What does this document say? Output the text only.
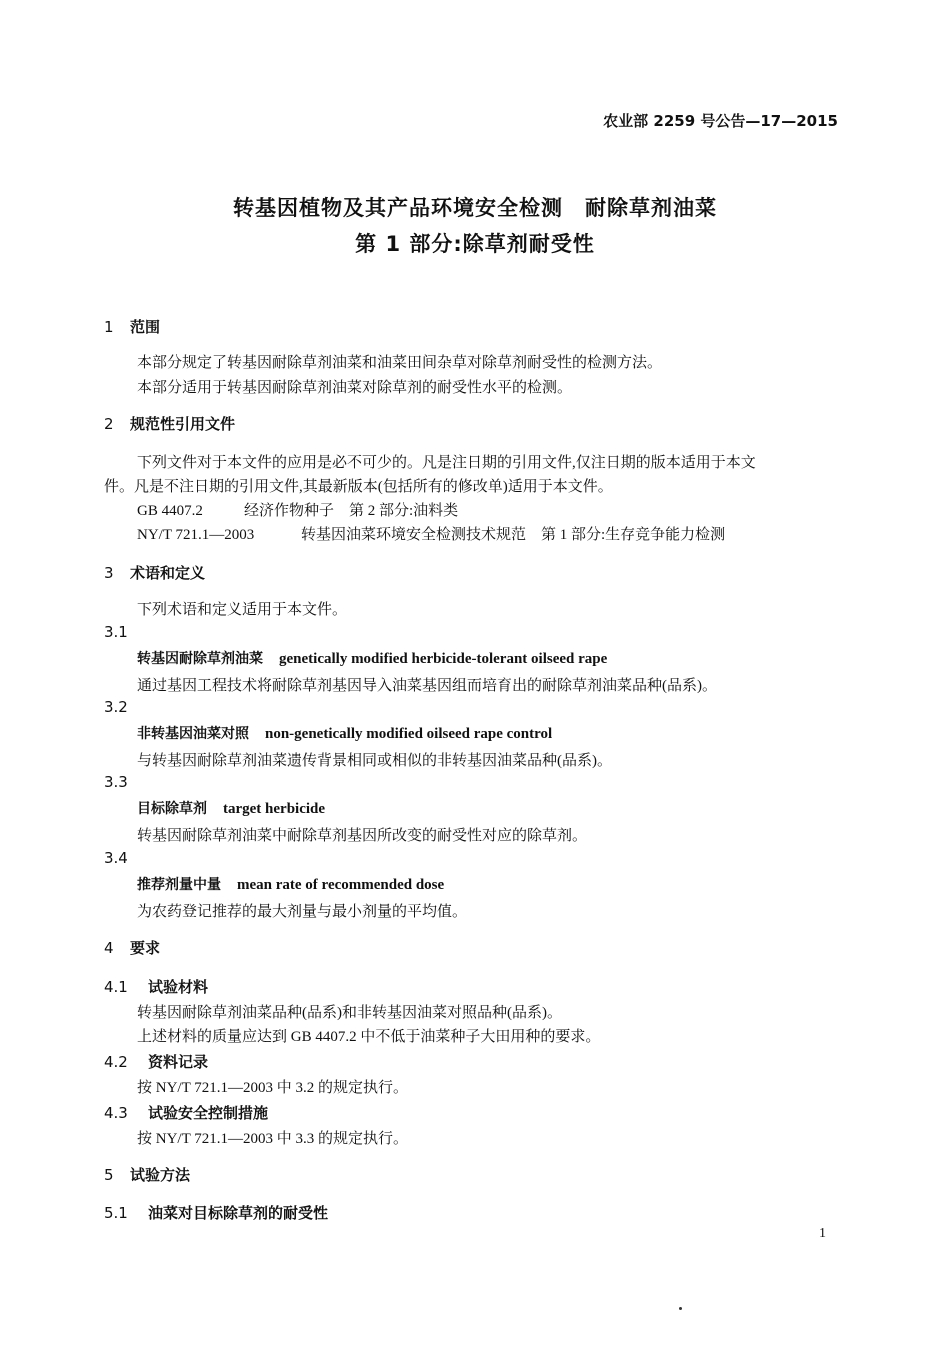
农业部 2259 号公告—17—2015
转基因植物及其产品环境安全检测　耐除草剂油菜
第 1 部分:除草剂耐受性
1 范围
本部分规定了转基因耐除草剂油菜和油菜田间杂草对除草剂耐受性的检测方法。
本部分适用于转基因耐除草剂油菜对除草剂的耐受性水平的检测。
2 规范性引用文件
下列文件对于本文件的应用是必不可少的。凡是注日期的引用文件,仅注日期的版本适用于本文
件。凡是不注日期的引用文件,其最新版本(包括所有的修改单)适用于本文件。
GB 4407.2	经济作物种子　第 2 部分:油料类
NY/T 721.1—2003	转基因油菜环境安全检测技术规范　第 1 部分:生存竞争能力检测
3 术语和定义
下列术语和定义适用于本文件。
3.1
转基因耐除草剂油菜 genetically modified herbicide-tolerant oilseed rape
通过基因工程技术将耐除草剂基因导入油菜基因组而培育出的耐除草剂油菜品种(品系)。
3.2
非转基因油菜对照 non-genetically modified oilseed rape control
与转基因耐除草剂油菜遗传背景相同或相似的非转基因油菜品种(品系)。
3.3
目标除草剂 target herbicide
转基因耐除草剂油菜中耐除草剂基因所改变的耐受性对应的除草剂。
3.4
推荐剂量中量 mean rate of recommended dose
为农药登记推荐的最大剂量与最小剂量的平均值。
4 要求
4.1 试验材料
转基因耐除草剂油菜品种(品系)和非转基因油菜对照品种(品系)。
上述材料的质量应达到 GB 4407.2 中不低于油菜种子大田用种的要求。
4.2 资料记录
按 NY/T 721.1—2003 中 3.2 的规定执行。
4.3 试验安全控制措施
按 NY/T 721.1—2003 中 3.3 的规定执行。
5 试验方法
5.1 油菜对目标除草剂的耐受性
1
